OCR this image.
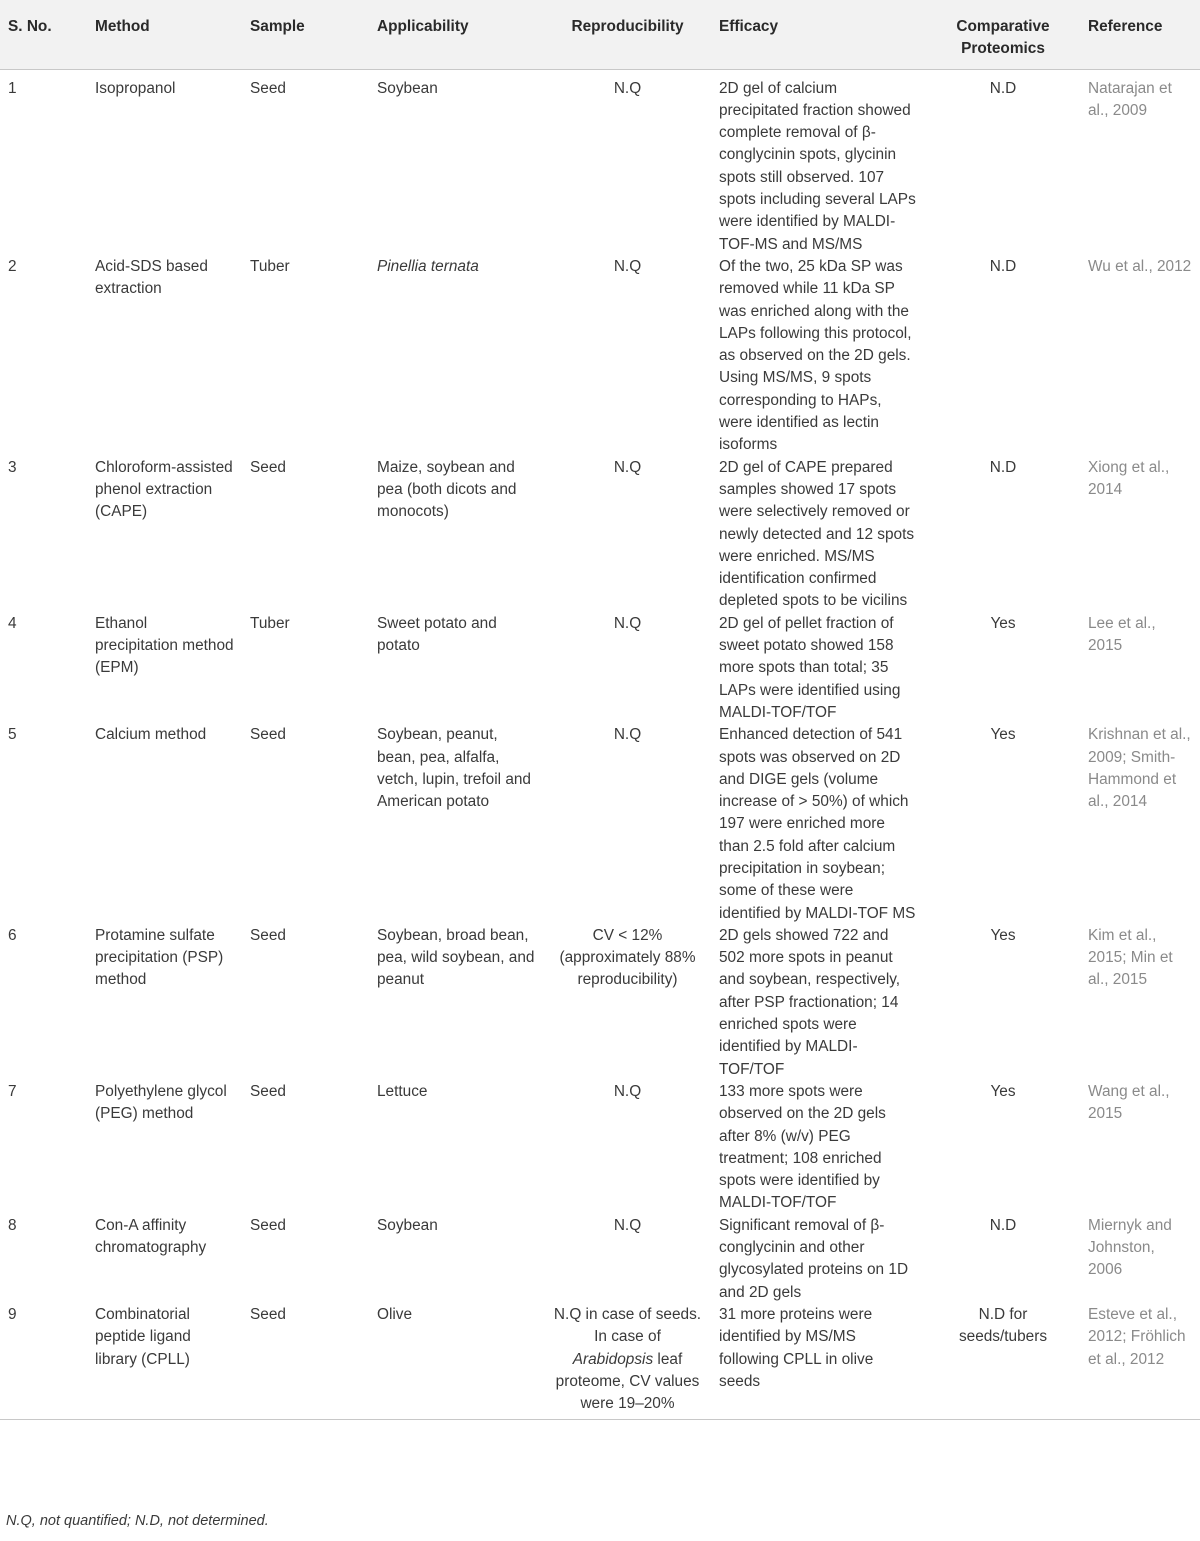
S. No.	Method	Sample	Applicability	Reproducibility	Efficacy	Comparative Proteomics	Reference
1	Isopropanol	Seed	Soybean	N.Q	2D gel of calcium precipitated fraction showed complete removal of β-conglycinin spots, glycinin spots still observed. 107 spots including several LAPs were identified by MALDI-TOF-MS and MS/MS	N.D	Natarajan et al., 2009
2	Acid-SDS based extraction	Tuber	Pinellia ternata	N.Q	Of the two, 25 kDa SP was removed while 11 kDa SP was enriched along with the LAPs following this protocol, as observed on the 2D gels. Using MS/MS, 9 spots corresponding to HAPs, were identified as lectin isoforms	N.D	Wu et al., 2012
3	Chloroform-assisted phenol extraction (CAPE)	Seed	Maize, soybean and pea (both dicots and monocots)	N.Q	2D gel of CAPE prepared samples showed 17 spots were selectively removed or newly detected and 12 spots were enriched. MS/MS identification confirmed depleted spots to be vicilins	N.D	Xiong et al., 2014
4	Ethanol precipitation method (EPM)	Tuber	Sweet potato and potato	N.Q	2D gel of pellet fraction of sweet potato showed 158 more spots than total; 35 LAPs were identified using MALDI-TOF/TOF	Yes	Lee et al., 2015
5	Calcium method	Seed	Soybean, peanut, bean, pea, alfalfa, vetch, lupin, trefoil and American potato	N.Q	Enhanced detection of 541 spots was observed on 2D and DIGE gels (volume increase of > 50%) of which 197 were enriched more than 2.5 fold after calcium precipitation in soybean; some of these were identified by MALDI-TOF MS	Yes	Krishnan et al., 2009; Smith-Hammond et al., 2014
6	Protamine sulfate precipitation (PSP) method	Seed	Soybean, broad bean, pea, wild soybean, and peanut	CV < 12% (approximately 88% reproducibility)	2D gels showed 722 and 502 more spots in peanut and soybean, respectively, after PSP fractionation; 14 enriched spots were identified by MALDI-TOF/TOF	Yes	Kim et al., 2015; Min et al., 2015
7	Polyethylene glycol (PEG) method	Seed	Lettuce	N.Q	133 more spots were observed on the 2D gels after 8% (w/v) PEG treatment; 108 enriched spots were identified by MALDI-TOF/TOF	Yes	Wang et al., 2015
8	Con-A affinity chromatography	Seed	Soybean	N.Q	Significant removal of β-conglycinin and other glycosylated proteins on 1D and 2D gels	N.D	Miernyk and Johnston, 2006
9	Combinatorial peptide ligand library (CPLL)	Seed	Olive	N.Q in case of seeds. In case of Arabidopsis leaf proteome, CV values were 19–20%	31 more proteins were identified by MS/MS following CPLL in olive seeds	N.D for seeds/tubers	Esteve et al., 2012; Fröhlich et al., 2012
N.Q, not quantified; N.D, not determined.
